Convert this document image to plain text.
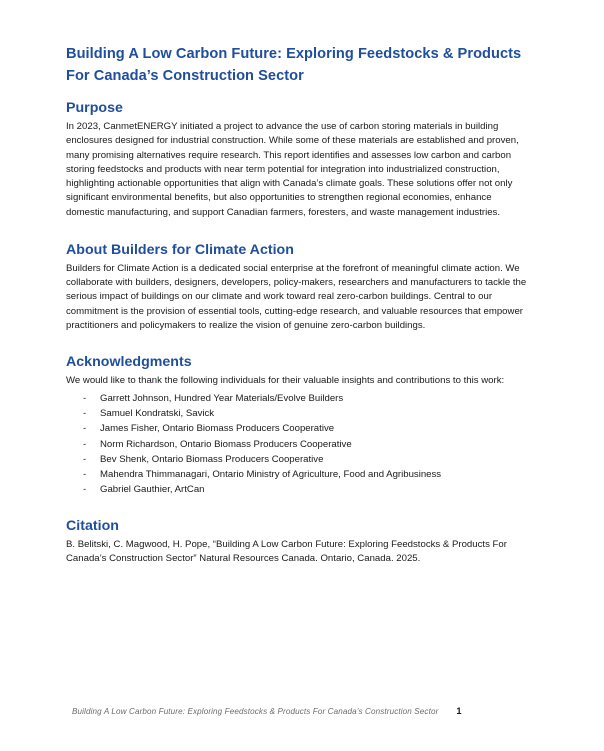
Building A Low Carbon Future: Exploring Feedstocks & Products For Canada’s Construction Sector
Purpose

In 2023, CanmetENERGY initiated a project to advance the use of carbon storing materials in building enclosures designed for industrial construction. While some of these materials are established and proven, many promising alternatives require research. This report identifies and assesses low carbon and carbon storing feedstocks and products with near term potential for integration into industrialized construction, highlighting actionable opportunities that align with Canada’s climate goals. These solutions offer not only significant environmental benefits, but also opportunities to strengthen regional economies, enhance domestic manufacturing, and support Canadian farmers, foresters, and waste management industries.

About Builders for Climate Action

Builders for Climate Action is a dedicated social enterprise at the forefront of meaningful climate action. We collaborate with builders, designers, developers, policy-makers, researchers and manufacturers to tackle the serious impact of buildings on our climate and work toward real zero-carbon buildings. Central to our commitment is the provision of essential tools, cutting-edge research, and valuable resources that empower practitioners and policymakers to realize the vision of genuine zero-carbon buildings.

Acknowledgments

We would like to thank the following individuals for their valuable insights and contributions to this work:

- Garrett Johnson, Hundred Year Materials/Evolve Builders
- Samuel Kondratski, Savick
- James Fisher, Ontario Biomass Producers Cooperative
- Norm Richardson, Ontario Biomass Producers Cooperative
- Bev Shenk, Ontario Biomass Producers Cooperative
- Mahendra Thimmanagari, Ontario Ministry of Agriculture, Food and Agribusiness
- Gabriel Gauthier, ArtCan
Citation

B. Belitski, C. Magwood, H. Pope, “Building A Low Carbon Future: Exploring Feedstocks & Products For Canada’s Construction Sector” Natural Resources Canada. Ontario, Canada. 2025.

Building A Low Carbon Future: Exploring Feedstocks & Products For Canada’s Construction Sector 1
